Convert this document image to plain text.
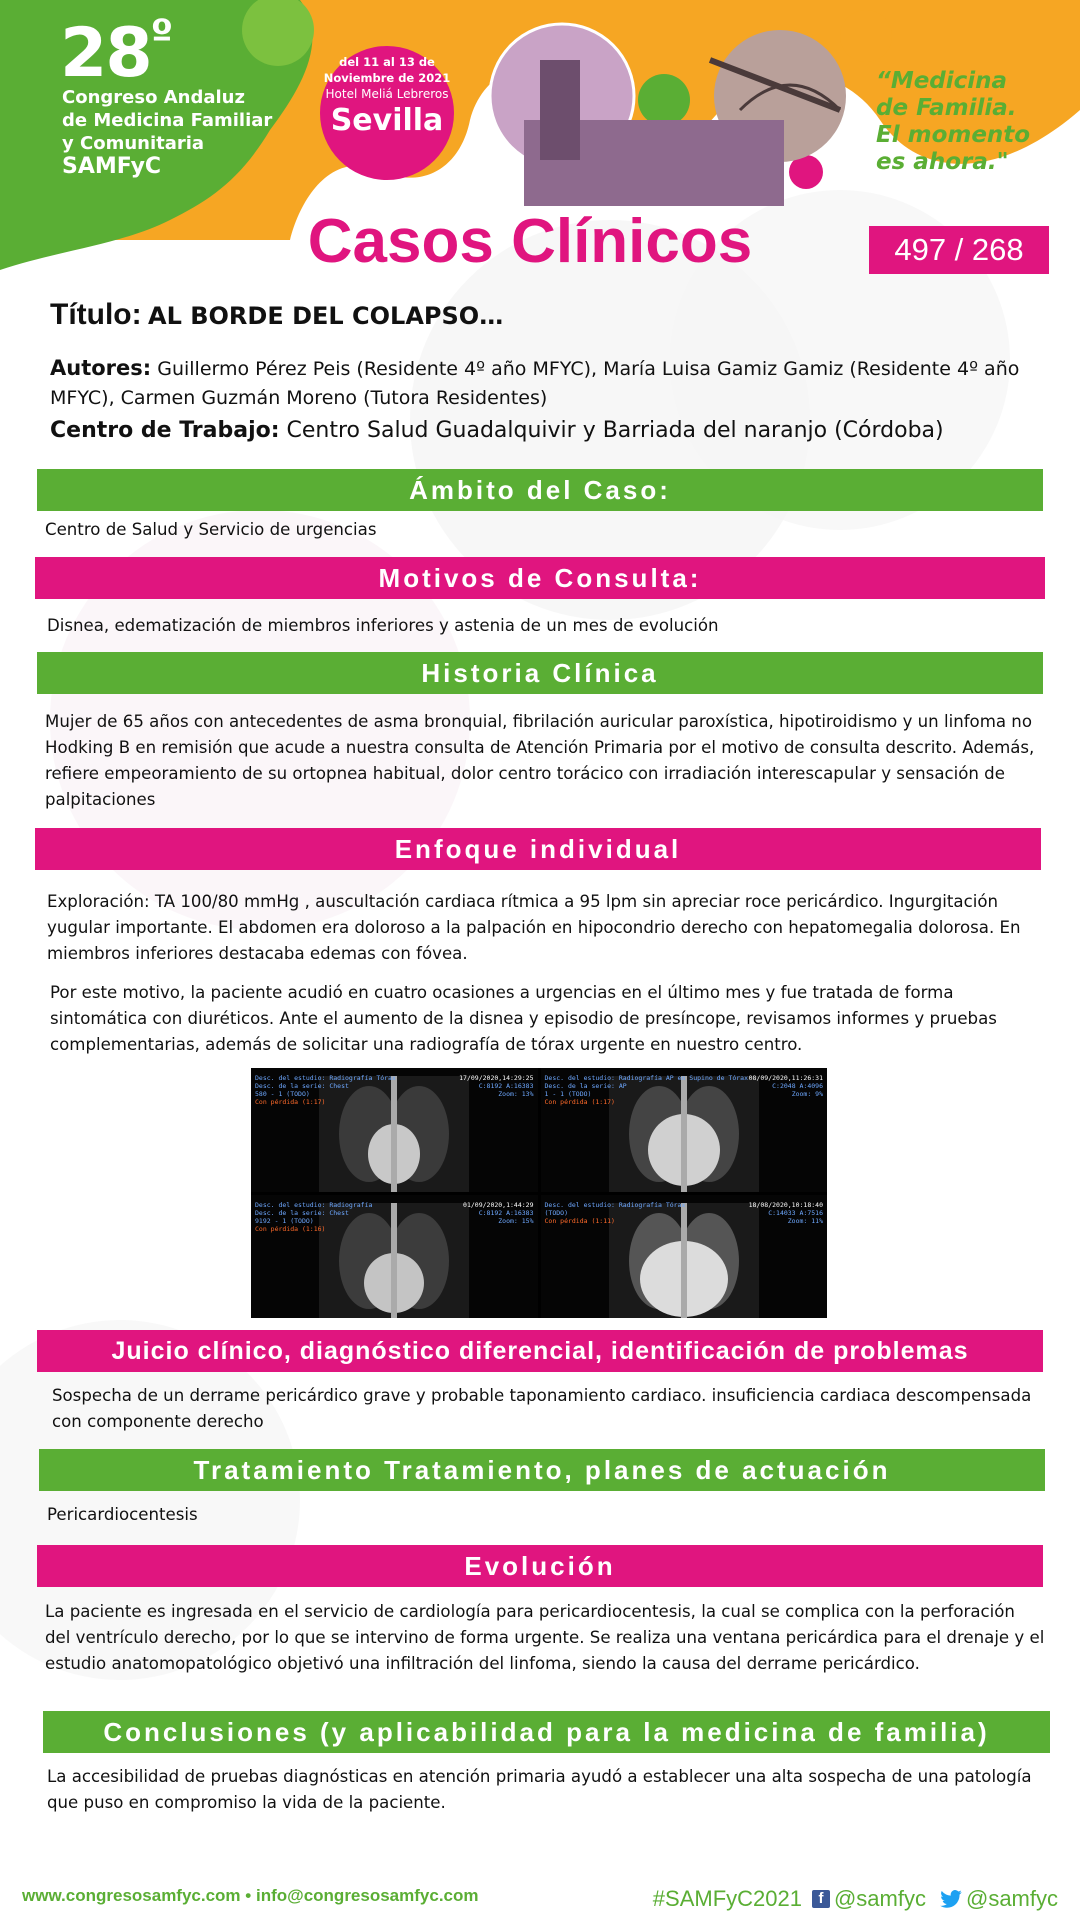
$28^º$
Congreso Andaluz
de Medicina Familiar
y Comunitaria
SAMFyC
del 11 al 13 de
Noviembre de 2021
Hotel Meliá Lebreros
Sevilla
“Medicina
de Familia.
El momento
es ahora."
Casos Clínicos	497 / 268
Título: AL BORDE DEL COLAPSO…
Autores: Guillermo Pérez Peis (Residente 4º año MFYC), María Luisa Gamiz Gamiz (Residente 4º año MFYC), Carmen Guzmán Moreno (Tutora Residentes)
Centro de Trabajo: Centro Salud Guadalquivir y Barriada del naranjo (Córdoba)
Ámbito del Caso:
Centro de Salud y Servicio de urgencias
Motivos de Consulta:
Disnea, edematización de miembros inferiores y astenia de un mes de evolución
Historia Clínica
Mujer de 65 años con antecedentes de asma bronquial, fibrilación auricular paroxística, hipotiroidismo y un linfoma no Hodking B en remisión que acude a nuestra consulta de Atención Primaria por el motivo de consulta descrito. Además, refiere empeoramiento de su ortopnea habitual, dolor centro torácico con irradiación interescapular y sensación de palpitaciones
Enfoque individual
Exploración: TA 100/80 mmHg , auscultación cardiaca rítmica a 95 lpm sin apreciar roce pericárdico. Ingurgitación yugular importante. El abdomen era doloroso a la palpación en hipocondrio derecho con hepatomegalia dolorosa. En miembros inferiores destacaba edemas con fóvea.
Por este motivo, la paciente acudió en cuatro ocasiones a urgencias en el último mes y fue tratada de forma sintomática con diuréticos. Ante el aumento de la disnea y episodio de presíncope, revisamos informes y pruebas complementarias, además de solicitar una radiografía de tórax urgente en nuestro centro.
Desc. del estudio: Radiografía Tórax
Desc. de la serie: Chest
580 - 1 (TODO)
Con pérdida (1:17)
17/09/2020,14:29:25
C:8192 A:16383
Zoom: 13%
Desc. del estudio: Radiografía AP en Supino de Tórax
Desc. de la serie: AP
1 - 1 (TODO)
Con pérdida (1:17)
08/09/2020,11:26:31
C:2048 A:4096
Zoom: 9%
Desc. del estudio: Radiografía
Desc. de la serie: Chest
9192 - 1 (TODO)
Con pérdida (1:16)
01/09/2020,1:44:29
C:8192 A:16383
Zoom: 15%
Desc. del estudio: Radiografía Tórax
(TODO)
Con pérdida (1:11)
18/08/2020,10:18:40
C:14033 A:7516
Zoom: 11%
Juicio clínico, diagnóstico diferencial, identificación de problemas
Sospecha de un derrame pericárdico grave y probable taponamiento cardiaco. insuficiencia cardiaca descompensada con componente derecho
Tratamiento Tratamiento, planes de actuación
Pericardiocentesis
Evolución
La paciente es ingresada en el servicio de cardiología para pericardiocentesis, la cual se complica con la perforación del ventrículo derecho, por lo que se intervino de forma urgente. Se realiza una ventana pericárdica para el drenaje y el estudio anatomopatológico objetivó una infiltración del linfoma, siendo la causa del derrame pericárdico.
Conclusiones (y aplicabilidad para la medicina de familia)
La accesibilidad de pruebas diagnósticas en atención primaria ayudó a establecer una alta sospecha de una patología que puso en compromiso la vida de la paciente.
www.congresosamfyc.com • info@congresosamfyc.com	#SAMFyC2021	f @samfyc @samfyc
